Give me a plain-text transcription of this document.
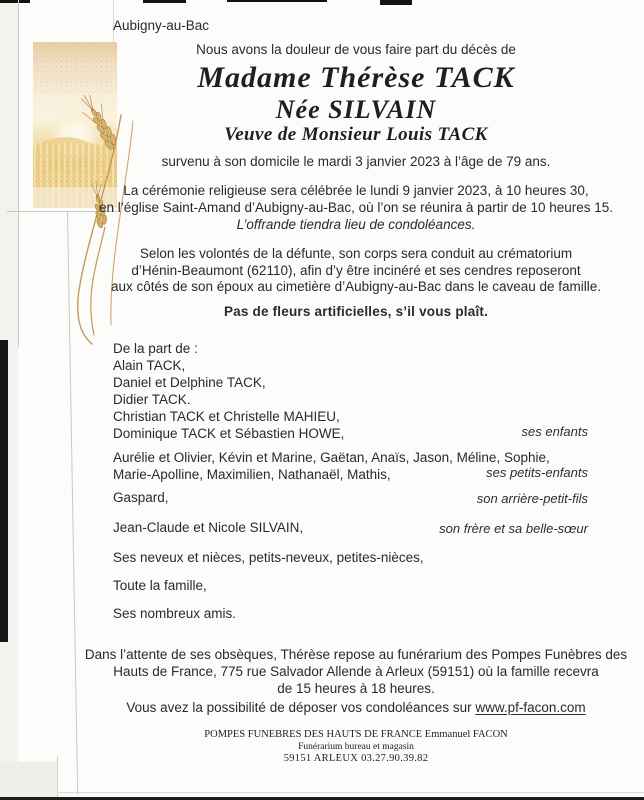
Aubigny-au-Bac
Nous avons la douleur de vous faire part du décès de
Madame Thérèse TACK
Née SILVAIN
Veuve de Monsieur Louis TACK
survenu à son domicile le mardi 3 janvier 2023 à l’âge de 79 ans.
La cérémonie religieuse sera célébrée le lundi 9 janvier 2023, à 10 heures 30,
en l’église Saint-Amand d’Aubigny-au-Bac, où l’on se réunira à partir de 10 heures 15.
L’offrande tiendra lieu de condoléances.
Selon les volontés de la défunte, son corps sera conduit au crématorium
d’Hénin-Beaumont (62110), afin d’y être incinéré et ses cendres reposeront
aux côtés de son époux au cimetière d’Aubigny-au-Bac dans le caveau de famille.
Pas de fleurs artificielles, s’il vous plaît.
De la part de :
Alain TACK,
Daniel et Delphine TACK,
Didier TACK.
Christian TACK et Christelle MAHIEU,
Dominique TACK et Sébastien HOWE,	ses enfants
Aurélie et Olivier, Kévin et Marine, Gaëtan, Anaïs, Jason, Méline, Sophie,
Marie-Apolline, Maximilien, Nathanaël, Mathis,	ses petits-enfants
Gaspard,	son arrière-petit-fils
Jean-Claude et Nicole SILVAIN,	son frère et sa belle-sœur
Ses neveux et nièces, petits-neveux, petites-nièces,
Toute la famille,
Ses nombreux amis.
Dans l’attente de ses obsèques, Thérèse repose au funérarium des Pompes Funèbres des
Hauts de France, 775 rue Salvador Allende à Arleux (59151) où la famille recevra
de 15 heures à 18 heures.
Vous avez la possibilité de déposer vos condoléances sur www.pf-facon.com
POMPES FUNEBRES DES HAUTS DE FRANCE Emmanuel FACON
Funérarium bureau et magasin
59151 ARLEUX 03.27.90.39.82
